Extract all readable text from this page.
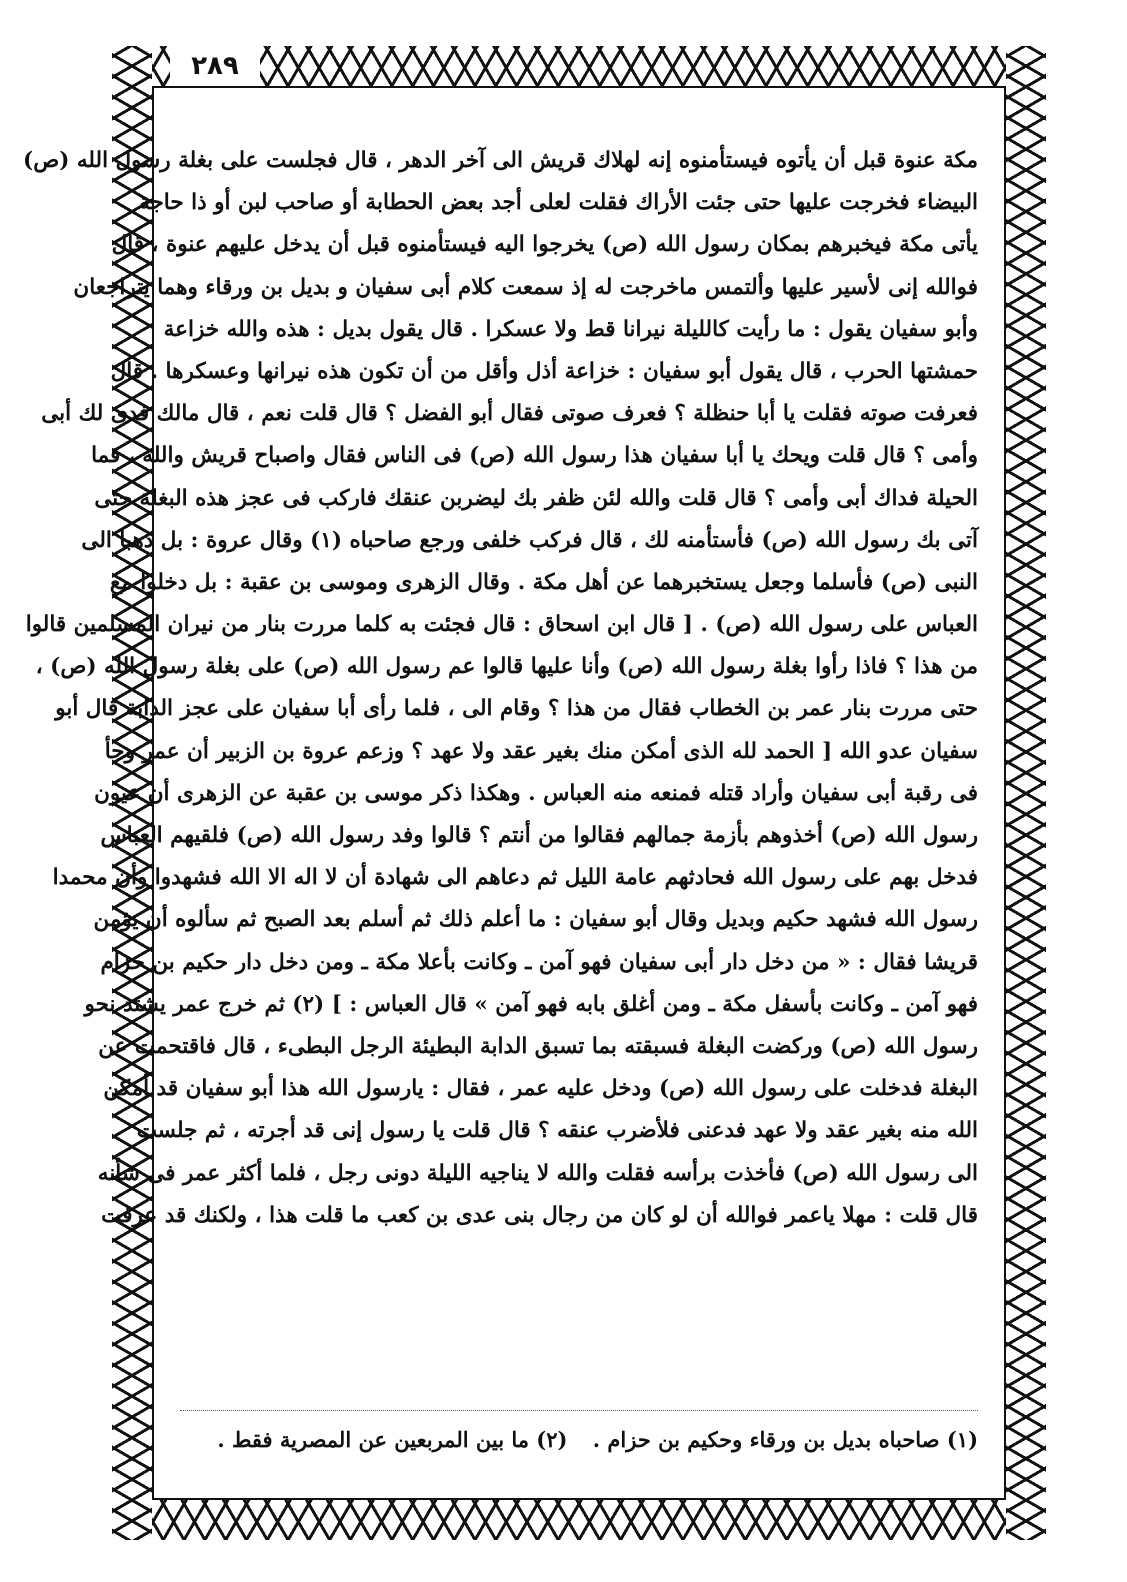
٢٨٩
مكة عنوة قبل أن يأتوه فيستأمنوه إنه لهلاك قريش الى آخر الدهر ، قال فجلست على بغلة رسول الله (ص)
البيضاء فخرجت عليها حتى جئت الأراك فقلت لعلى أجد بعض الحطابة أو صاحب لبن أو ذا حاجة
يأتى مكة فيخبرهم بمكان رسول الله (ص) يخرجوا اليه فيستأمنوه قبل أن يدخل عليهم عنوة ، قال
فوالله إنى لأسير عليها وألتمس ماخرجت له إذ سمعت كلام أبى سفيان و بديل بن ورقاء وهما يتراجعان
وأبو سفيان يقول : ما رأيت كالليلة نيرانا قط ولا عسكرا . قال يقول بديل : هذه والله خزاعة
حمشتها الحرب ، قال يقول أبو سفيان : خزاعة أذل وأقل من أن تكون هذه نيرانها وعسكرها . قال
فعرفت صوته فقلت يا أبا حنظلة ؟ فعرف صوتى فقال أبو الفضل ؟ قال قلت نعم ، قال مالك فدى لك أبى
وأمى ؟ قال قلت ويحك يا أبا سفيان هذا رسول الله (ص) فى الناس فقال واصباح قريش والله ، فما
الحيلة فداك أبى وأمى ؟ قال قلت والله لئن ظفر بك ليضربن عنقك فاركب فى عجز هذه البغلة حتى
آتى بك رسول الله (ص) فأستأمنه لك ، قال فركب خلفى ورجع صاحباه (١) وقال عروة : بل ذهبا الى
النبى (ص) فأسلما وجعل يستخبرهما عن أهل مكة . وقال الزهرى وموسى بن عقبة : بل دخلوا مع
العباس على رسول الله (ص) . [ قال ابن اسحاق : قال فجئت به كلما مررت بنار من نيران المسلمين قالوا
من هذا ؟ فاذا رأوا بغلة رسول الله (ص) وأنا عليها قالوا عم رسول الله (ص) على بغلة رسول الله (ص) ،
حتى مررت بنار عمر بن الخطاب فقال من هذا ؟ وقام الى ، فلما رأى أبا سفيان على عجز الدابة قال أبو
سفيان عدو الله [ الحمد لله الذى أمكن منك بغير عقد ولا عهد ؟ وزعم عروة بن الزبير أن عمر وجأ
فى رقبة أبى سفيان وأراد قتله فمنعه منه العباس . وهكذا ذكر موسى بن عقبة عن الزهرى أن عيون
رسول الله (ص) أخذوهم بأزمة جمالهم فقالوا من أنتم ؟ قالوا وفد رسول الله (ص) فلقيهم العباس
فدخل بهم على رسول الله فحادثهم عامة الليل ثم دعاهم الى شهادة أن لا اله الا الله فشهدوا وأن محمدا
رسول الله فشهد حكيم وبديل وقال أبو سفيان : ما أعلم ذلك ثم أسلم بعد الصبح ثم سألوه أن يؤمن
قريشا فقال : « من دخل دار أبى سفيان فهو آمن ـ وكانت بأعلا مكة ـ ومن دخل دار حكيم بن حزام
فهو آمن ـ وكانت بأسفل مكة ـ ومن أغلق بابه فهو آمن » قال العباس : ] (٢) ثم خرج عمر يشتد نحو
رسول الله (ص) وركضت البغلة فسبقته بما تسبق الدابة البطيئة الرجل البطىء ، قال فاقتحمت عن
البغلة فدخلت على رسول الله (ص) ودخل عليه عمر ، فقال : يارسول الله هذا أبو سفيان قد أمكن
الله منه بغير عقد ولا عهد فدعنى فلأضرب عنقه ؟ قال قلت يا رسول إنى قد أجرته ، ثم جلست
الى رسول الله (ص) فأخذت برأسه فقلت والله لا يناجيه الليلة دونى رجل ، فلما أكثر عمر فى شأنه
قال قلت : مهلا ياعمر فوالله أن لو كان من رجال بنى عدى بن كعب ما قلت هذا ، ولكنك قد عرفت
(١) صاحباه بديل بن ورقاء وحكيم بن حزام . (٢) ما بين المربعين عن المصرية فقط .
